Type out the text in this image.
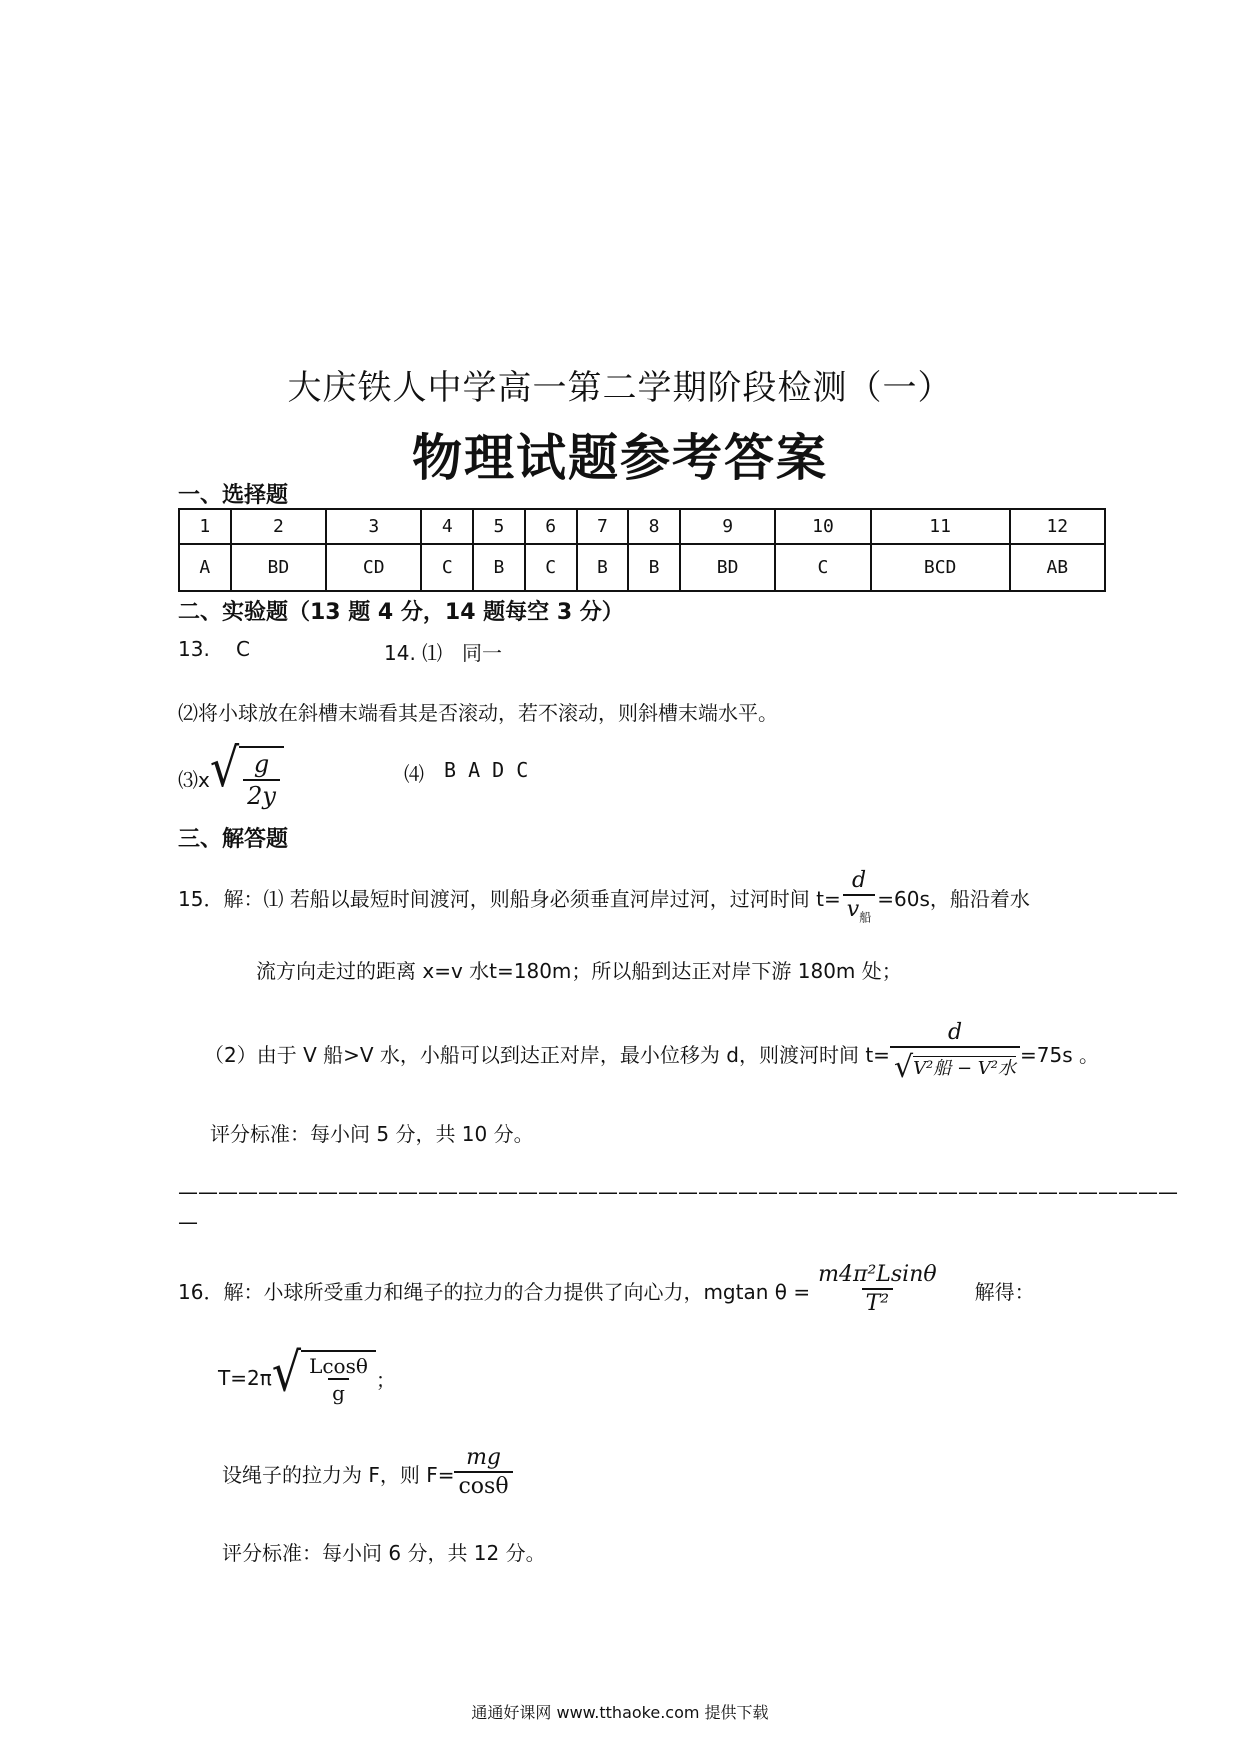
大庆铁人中学高一第二学期阶段检测（一）
物理试题参考答案
一、选择题
1	2	3	4	5	6	7	8	9	10	11	12
A	BD	CD	C	B	C	B	B	BD	C	BCD	AB
二、实验题（13 题 4 分，14 题每空 3 分）
13. C	14. ⑴ 同一
⑵将小球放在斜槽末端看其是否滚动，若不滚动，则斜槽末端水平。
⑶x √ $\frac{g}{2y}$	⑷ B A D C
三、解答题
15． 解：⑴ 若船以最短时间渡河，则船身必须垂直河岸过河，过河时间 $t= \frac{d}{v_船} =60s$，船沿着水
流方向走过的距离 x=v 水t=180m；所以船到达正对岸下游 180m 处；
（2）由于 V 船>V 水，小船可以到达正对岸，最小位移为 d，则渡河时间 $t= \frac{d}{\text{√ V²船 − V²水}} =75s$ 。
评分标准：每小问 5 分，共 10 分。
——————————————————————————————————————————————————
—
16． 解：小球所受重力和绳子的拉力的合力提供了向心力，mgtan $\theta = \frac{\text{m4π²Lsinθ}}{\text{T²}}$ 解得：
T=2π √ $\frac{Lcos\theta}{g}$ ；
设绳子的拉力为 F，则 $F= \frac{mg}{\cos\theta}$
评分标准：每小问 6 分，共 12 分。
通通好课网 www.tthaoke.com 提供下载
